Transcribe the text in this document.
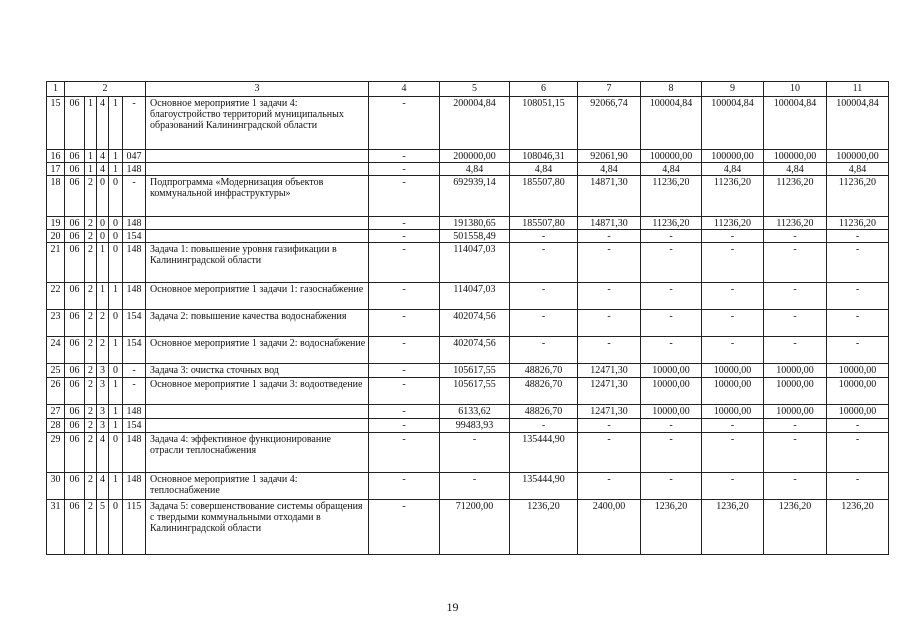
1	2					3	4	5	6	7	8	9	10	11
15	06	1	4	1	-	Основное мероприятие 1 задачи 4: благоустройство территорий муниципальных образований Калининградской области	-	200004,84	108051,15	92066,74	100004,84	100004,84	100004,84	100004,84
16	06	1	4	1	047		-	200000,00	108046,31	92061,90	100000,00	100000,00	100000,00	100000,00
17	06	1	4	1	148		-	4,84	4,84	4,84	4,84	4,84	4,84	4,84
18	06	2	0	0	-	Подпрограмма «Модернизация объектов коммунальной инфраструктуры»	-	692939,14	185507,80	14871,30	11236,20	11236,20	11236,20	11236,20
19	06	2	0	0	148		-	191380,65	185507,80	14871,30	11236,20	11236,20	11236,20	11236,20
20	06	2	0	0	154		-	501558,49	-	-	-	-	-	-
21	06	2	1	0	148	Задача 1: повышение уровня газификации в Калининградской области	-	114047,03	-	-	-	-	-	-
22	06	2	1	1	148	Основное мероприятие 1 задачи 1: газоснабжение	-	114047,03	-	-	-	-	-	-
23	06	2	2	0	154	Задача 2: повышение качества водоснабжения	-	402074,56	-	-	-	-	-	-
24	06	2	2	1	154	Основное мероприятие 1 задачи 2: водоснабжение	-	402074,56	-	-	-	-	-	-
25	06	2	3	0	-	Задача 3: очистка сточных вод	-	105617,55	48826,70	12471,30	10000,00	10000,00	10000,00	10000,00
26	06	2	3	1	-	Основное мероприятие 1 задачи 3: водоотведение	-	105617,55	48826,70	12471,30	10000,00	10000,00	10000,00	10000,00
27	06	2	3	1	148		-	6133,62	48826,70	12471,30	10000,00	10000,00	10000,00	10000,00
28	06	2	3	1	154		-	99483,93	-	-	-	-	-	-
29	06	2	4	0	148	Задача 4: эффективное функционирование отрасли теплоснабжения	-	-	135444,90	-	-	-	-	-
30	06	2	4	1	148	Основное мероприятие 1 задачи 4: теплоснабжение	-	-	135444,90	-	-	-	-	-
31	06	2	5	0	115	Задача 5: совершенствование системы обращения с твердыми коммунальными отходами в Калининградской области	-	71200,00	1236,20	2400,00	1236,20	1236,20	1236,20	1236,20
19
